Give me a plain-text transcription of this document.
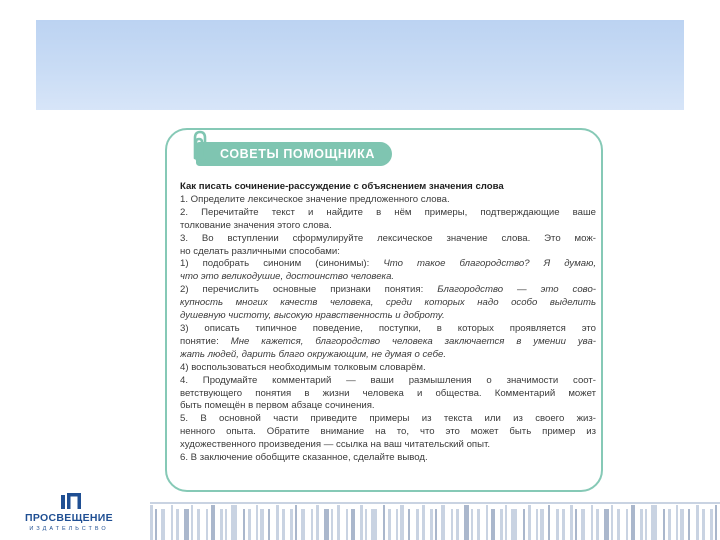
СОВЕТЫ ПОМОЩНИКА
Как писать сочинение-рассуждение с объяснением значения слова
1. Определите лексическое значение предложенного слова.
2. Перечитайте текст и найдите в нём примеры, подтверждающие ваше
толкование значения этого слова.
3. Во вступлении сформулируйте лексическое значение слова. Это мож-
но сделать различными способами:
1) подобрать синоним (синонимы): Что такое благородство? Я думаю,
что это великодушие, достоинство человека.
2) перечислить основные признаки понятия: Благородство — это сово-
купность многих качеств человека, среди которых надо особо выделить
душевную чистоту, высокую нравственность и доброту.
3) описать типичное поведение, поступки, в которых проявляется это
понятие: Мне кажется, благородство человека заключается в умении ува-
жать людей, дарить благо окружающим, не думая о себе.
4) воспользоваться необходимым толковым словарём.
4. Продумайте комментарий — ваши размышления о значимости соот-
ветствующего понятия в жизни человека и общества. Комментарий может
быть помещён в первом абзаце сочинения.
5. В основной части приведите примеры из текста или из своего жиз-
ненного опыта. Обратите внимание на то, что это может быть пример из
художественного произведения — ссылка на ваш читательский опыт.
6. В заключение обобщите сказанное, сделайте вывод.
ПРОСВЕЩЕНИЕ
ИЗДАТЕЛЬСТВО
